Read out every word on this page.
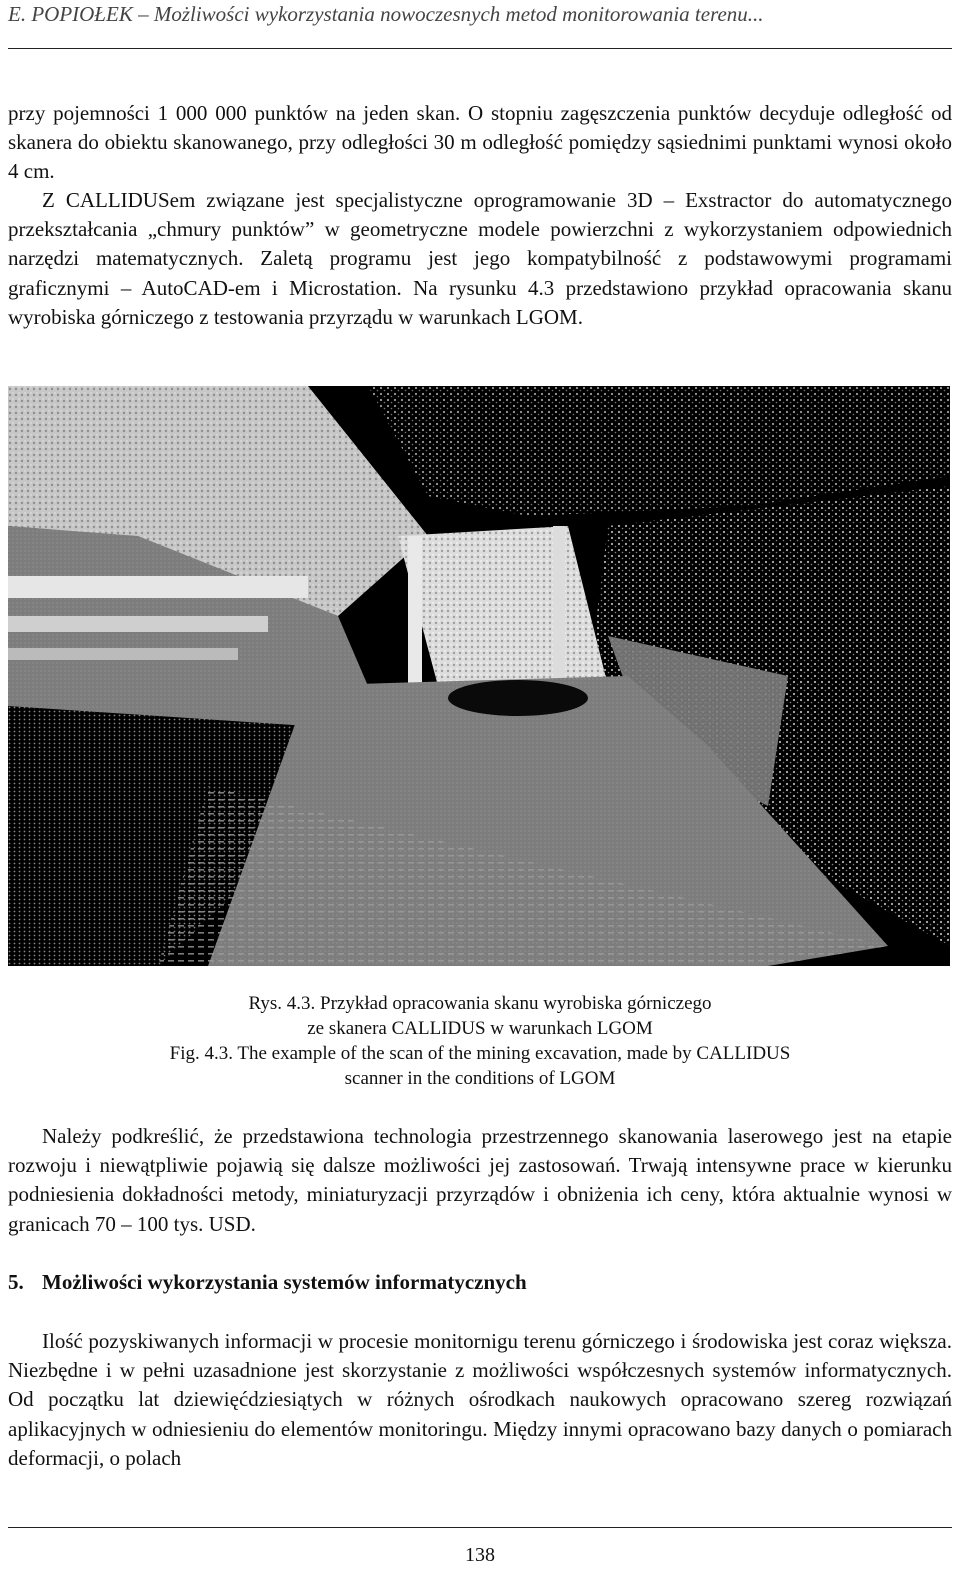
E. POPIOŁEK – Możliwości wykorzystania nowoczesnych metod monitorowania terenu...
przy pojemności 1 000 000 punktów na jeden skan. O stopniu zagęszczenia punktów decyduje odległość od skanera do obiektu skanowanego, przy odległości 30 m odległość pomiędzy sąsiednimi punktami wynosi około 4 cm.
Z CALLIDUSem związane jest specjalistyczne oprogramowanie 3D – Exstractor do automatycznego przekształcania „chmury punktów” w geometryczne modele powierzchni z wykorzystaniem odpowiednich narzędzi matematycznych. Zaletą programu jest jego kompatybilność z podstawowymi programami graficznymi – AutoCAD-em i Microstation. Na rysunku 4.3 przedstawiono przykład opracowania skanu wyrobiska górniczego z testowania przyrządu w warunkach LGOM.
Rys. 4.3. Przykład opracowania skanu wyrobiska górniczego
ze skanera CALLIDUS w warunkach LGOM
Fig. 4.3. The example of the scan of the mining excavation, made by CALLIDUS
scanner in the conditions of LGOM
Należy podkreślić, że przedstawiona technologia przestrzennego skanowania laserowego jest na etapie rozwoju i niewątpliwie pojawią się dalsze możliwości jej zastosowań. Trwają intensywne prace w kierunku podniesienia dokładności metody, miniaturyzacji przyrządów i obniżenia ich ceny, która aktualnie wynosi w granicach 70 – 100 tys. USD.
5. Możliwości wykorzystania systemów informatycznych
Ilość pozyskiwanych informacji w procesie monitornigu terenu górniczego i środowiska jest coraz większa. Niezbędne i w pełni uzasadnione jest skorzystanie z możliwości współczesnych systemów informatycznych. Od początku lat dziewięćdziesiątych w różnych ośrodkach naukowych opracowano szereg rozwiązań aplikacyjnych w odniesieniu do elementów monitoringu. Między innymi opracowano bazy danych o pomiarach deformacji, o polach
138
